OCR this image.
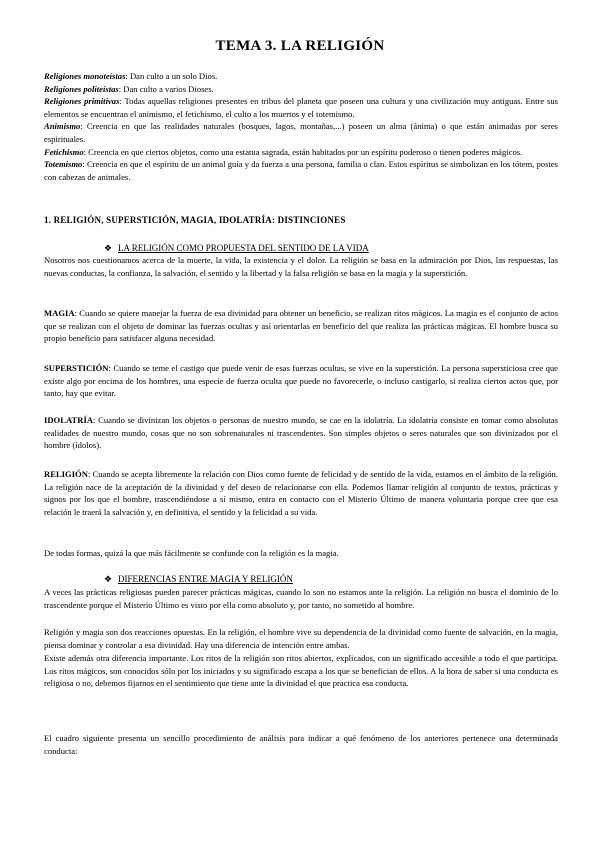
TEMA 3. LA RELIGIÓN

Religiones monoteístas: Dan culto a un solo Dios.

Religiones politeístas: Dan culto a varios Dioses.

Religiones primitivas: Todas aquellas religiones presentes en tribus del planeta que poseen una cultura y una civilización muy antiguas. Entre sus elementos se encuentran el animismo, el fetichismo, el culto a los muertos y el totemismo.

Animismo: Creencia en que las realidades naturales (bosques, lagos, montañas,...) poseen un alma (ánima) o que están animadas por seres espirituales.

Fetichismo: Creencia en que ciertos objetos, como una estatua sagrada, están habitados por un espíritu poderoso o tienen poderes mágicos.

Totemismo: Creencia en que el espíritu de un animal guía y da fuerza a una persona, familia o clan. Estos espíritus se simbolizan en los tótem, postes con cabezas de animales.

1. RELIGIÓN, SUPERSTICIÓN, MAGIA, IDOLATRÍA: DISTINCIONES
❖ LA RELIGIÓN COMO PROPUESTA DEL SENTIDO DE LA VIDA
Nosotros nos cuestionamos acerca de la muerte, la vida, la existencia y el dolor. La religión se basa en la admiración por Dios, las respuestas, las nuevas conductas, la confianza, la salvación, el sentido y la libertad y la falsa religión se basa en la magia y la superstición.
MAGIA: Cuando se quiere manejar la fuerza de esa divinidad para obtener un beneficio, se realizan ritos mágicos. La magia es el conjunto de actos que se realizan con el objeto de dominar las fuerzas ocultas y así orientarlas en beneficio del que realiza las prácticas mágicas. El hombre busca su propio beneficio para satisfacer alguna necesidad.
SUPERSTICIÓN: Cuando se teme el castigo que puede venir de esas fuerzas ocultas, se vive en la superstición. La persona supersticiosa cree que existe algo por encima de los hombres, una especie de fuerza oculta que puede no favorecerle, o incluso castigarlo, si realiza ciertos actos que, por tanto, hay que evitar.
IDOLATRÍA: Cuando se divinizan los objetos o personas de nuestro mundo, se cae en la idolatría. La idolatría consiste en tomar como absolutas realidades de nuestro mundo, cosas que no son sobrenaturales ni trascendentes. Son simples objetos o seres naturales que son divinizados por el hombre (ídolos).
RELIGIÓN: Cuando se acepta libremente la relación con Dios como fuente de felicidad y de sentido de la vida, estamos en el ámbito de la religión. La religión nace de la aceptación de la divinidad y del deseo de relacionarse con ella. Podemos llamar religión al conjunto de textos, prácticas y signos por los que el hombre, trascendiéndose a sí mismo, entra en contacto con el Misterio Último de manera voluntaria porque cree que esa relación le traerá la salvación y, en definitiva, el sentido y la felicidad a su vida.
De todas formas, quizá la que más fácilmente se confunde con la religión es la magia.
❖ DIFERENCIAS ENTRE MAGIA Y RELIGIÓN
A veces las prácticas religiosas pueden parecer prácticas mágicas, cuando lo son no estamos ante la religión. La religión no busca el dominio de lo trascendente porque el Misterio Último es visto por ella como absoluto y, por tanto, no sometido al hombre.
Religión y magia son dos reacciones opuestas. En la religión, el hombre vive su dependencia de la divinidad como fuente de salvación, en la magia, piensa dominar y controlar a esa divinidad. Hay una diferencia de intención entre ambas.
Existe además otra diferencia importante. Los ritos de la religión son ritos abiertos, explicados, con un significado accesible a todo el que participa. Los ritos mágicos, son conocidos sólo por los iniciados y su significado escapa a los que se benefician de ellos. A la hora de saber si una conducta es religiosa o no, debemos fijarnos en el sentimiento que tiene ante la divinidad el que practica esa conducta.
El cuadro siguiente presenta un sencillo procedimiento de análisis para indicar a qué fenómeno de los anteriores pertenece una determinada conducta:
